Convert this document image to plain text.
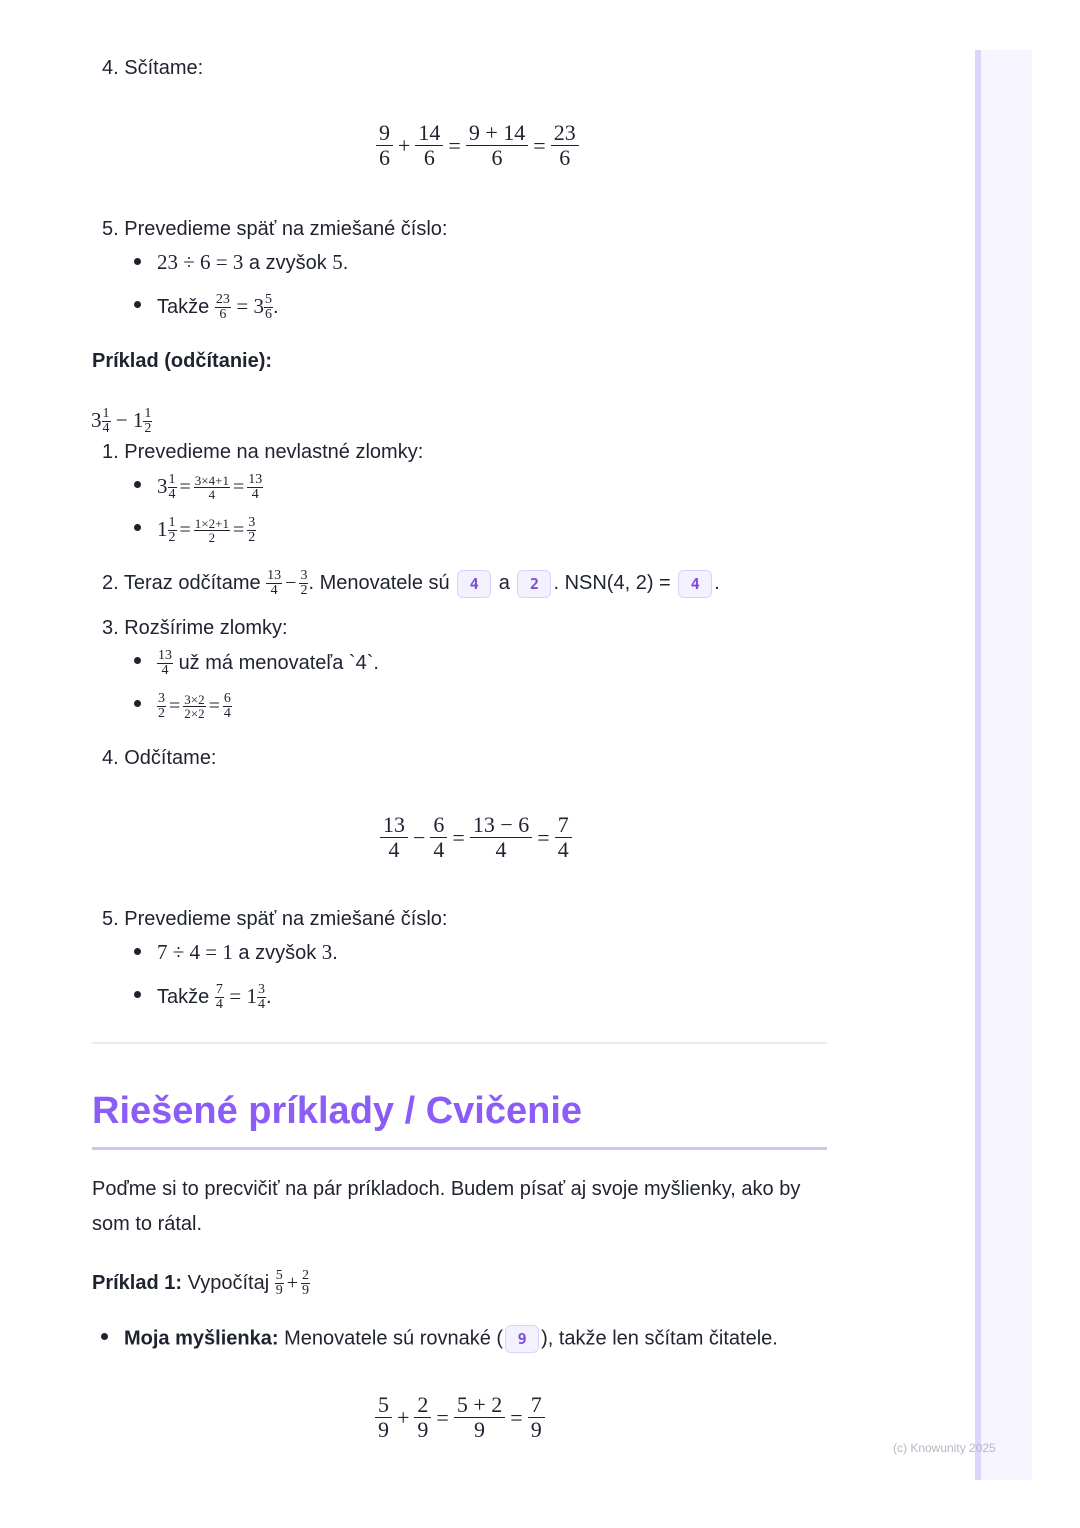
4. Sčítame:
9
$6 + \frac{14}{6} = \frac{9 + 14}{6} = \frac{23}{6}$
5. Prevedieme späť na zmiešané číslo:
23 ÷ 6 = 3 a zvyšok 5.
Takže $\frac{23}{6} = 3 \frac{5}{6}$ .
Príklad (odčítanie):
$3 \frac{1}{4} - 1 \frac{1}{2}$
1. Prevedieme na nevlastné zlomky:
$3 \frac{1}{4} = \frac{3\times 4+1}{4} = \frac{13}{4}$
$1 \frac{1}{2} = \frac{1\times 2+1}{2} = \frac{3}{2}$
2. Teraz odčítame $\frac{13}{4} - \frac{3}{2}$ . Menovatele sú 4 a 2 . NSN(4, 2) = 4 .
3. Rozšírime zlomky:
$\frac{13}{4}$ už má menovateľa `4`.
$\frac{3}{2} = \frac{3\times 2}{2\times 2} = \frac{6}{4}$
4. Odčítame:
13
$4 - \frac{6}{4} = \frac{13 - 6}{4} = \frac{7}{4}$
5. Prevedieme späť na zmiešané číslo:
7 ÷ 4 = 1 a zvyšok 3.
Takže $\frac{7}{4} = 1 \frac{3}{4}$ .
Riešené príklady / Cvičenie
Poďme si to precvičiť na pár príkladoch. Budem písať aj svoje myšlienky, ako by
som to rátal.
Príklad 1: Vypočítaj $\frac{5}{9} + \frac{2}{9}$
Moja myšlienka: Menovatele sú rovnaké ( 9 ), takže len sčítam čitatele.
5
$9 + \frac{2}{9} = \frac{5 + 2}{9} = \frac{7}{9}$
(c) Knowunity 2025
